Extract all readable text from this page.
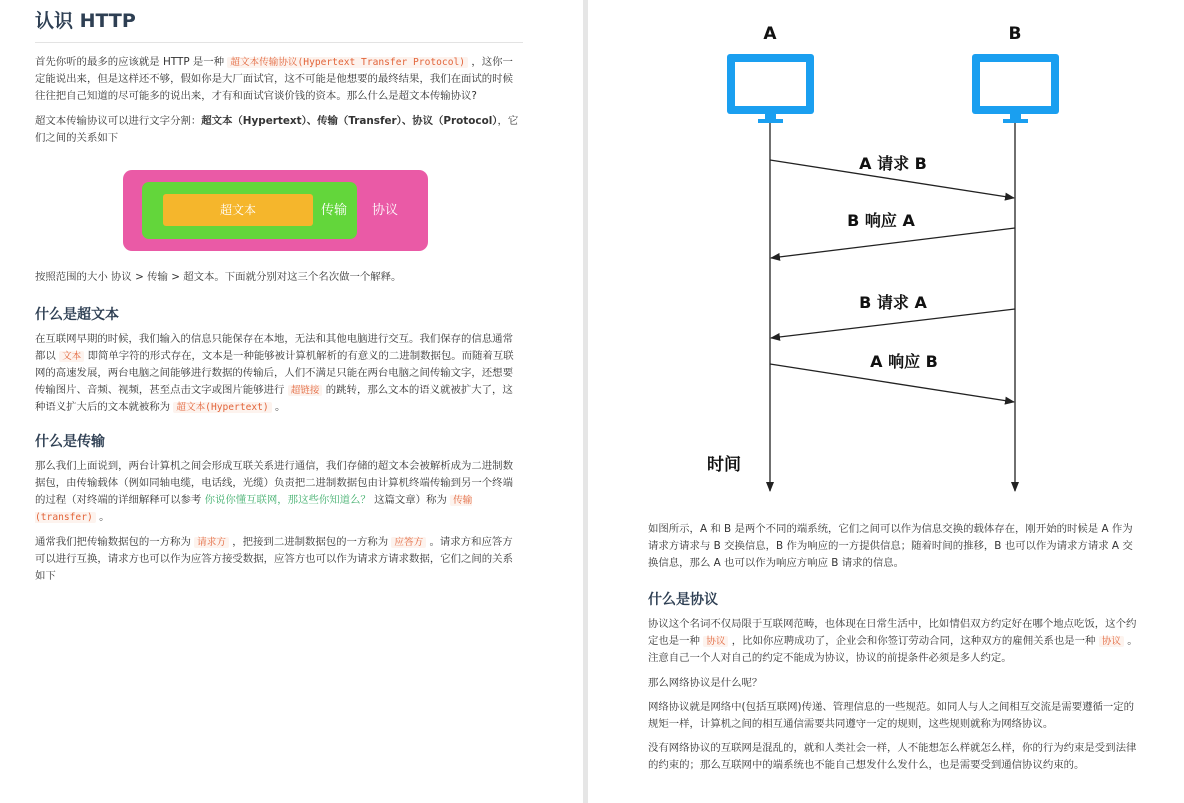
认识 HTTP

首先你听的最多的应该就是 HTTP 是一种 超文本传输协议(Hypertext Transfer Protocol) ，这你一定能说出来，但是这样还不够，假如你是大厂面试官，这不可能是他想要的最终结果，我们在面试的时候往往把自己知道的尽可能多的说出来，才有和面试官谈价钱的资本。那么什么是超文本传输协议?

超文本传输协议可以进行文字分割：超文本（Hypertext）、传输（Transfer）、协议（Protocol），它们之间的关系如下

超文本	传输 协议

按照范围的大小 协议 > 传输 > 超文本。下面就分别对这三个名次做一个解释。

什么是超文本

在互联网早期的时候，我们输入的信息只能保存在本地，无法和其他电脑进行交互。我们保存的信息通常都以 文本 即简单字符的形式存在，文本是一种能够被计算机解析的有意义的二进制数据包。而随着互联网的高速发展，两台电脑之间能够进行数据的传输后，人们不满足只能在两台电脑之间传输文字，还想要传输图片、音频、视频，甚至点击文字或图片能够进行 超链接 的跳转，那么文本的语义就被扩大了，这种语义扩大后的文本就被称为 超文本(Hypertext) 。

什么是传输

那么我们上面说到，两台计算机之间会形成互联关系进行通信，我们存储的超文本会被解析成为二进制数据包，由传输载体（例如同轴电缆，电话线，光缆）负责把二进制数据包由计算机终端传输到另一个终端的过程（对终端的详细解释可以参考 你说你懂互联网，那这些你知道么？ 这篇文章）称为 传输(transfer) 。

通常我们把传输数据包的一方称为 请求方 ，把接到二进制数据包的一方称为 应答方 。请求方和应答方可以进行互换，请求方也可以作为应答方接受数据，应答方也可以作为请求方请求数据，它们之间的关系如下

A	B
A 请求 B
B 响应 A
B 请求 A
A 响应 B
时间

如图所示，A 和 B 是两个不同的端系统，它们之间可以作为信息交换的载体存在，刚开始的时候是 A 作为请求方请求与 B 交换信息，B 作为响应的一方提供信息；随着时间的推移，B 也可以作为请求方请求 A 交换信息，那么 A 也可以作为响应方响应 B 请求的信息。

什么是协议

协议这个名词不仅局限于互联网范畴，也体现在日常生活中，比如情侣双方约定好在哪个地点吃饭，这个约定也是一种 协议 ，比如你应聘成功了，企业会和你签订劳动合同，这种双方的雇佣关系也是一种 协议 。注意自己一个人对自己的约定不能成为协议，协议的前提条件必须是多人约定。

那么网络协议是什么呢？

网络协议就是网络中(包括互联网)传递、管理信息的一些规范。如同人与人之间相互交流是需要遵循一定的规矩一样，计算机之间的相互通信需要共同遵守一定的规则，这些规则就称为网络协议。

没有网络协议的互联网是混乱的，就和人类社会一样，人不能想怎么样就怎么样，你的行为约束是受到法律的约束的；那么互联网中的端系统也不能自己想发什么发什么，也是需要受到通信协议约束的。
